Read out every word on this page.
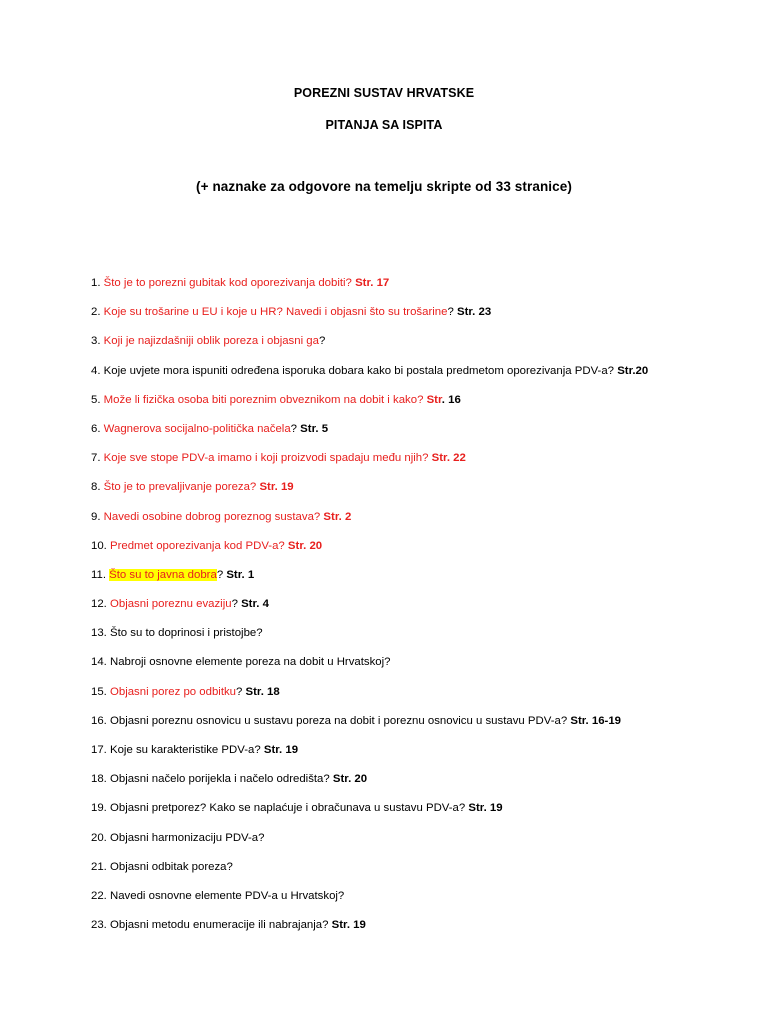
POREZNI SUSTAV HRVATSKE
PITANJA SA ISPITA
(+ naznake za odgovore na temelju skripte od 33 stranice)
1. Što je to porezni gubitak kod oporezivanja dobiti? Str. 17
2. Koje su trošarine u EU i koje u HR? Navedi i objasni što su trošarine? Str. 23
3. Koji je najizdašniji oblik poreza i objasni ga?
4. Koje uvjete mora ispuniti određena isporuka dobara kako bi postala predmetom oporezivanja PDV-a? Str.20
5. Može li fizička osoba biti poreznim obveznikom na dobit i kako? Str. 16
6. Wagnerova socijalno-politička načela? Str. 5
7. Koje sve stope PDV-a imamo i koji proizvodi spadaju među njih? Str. 22
8. Što je to prevaljivanje poreza? Str. 19
9. Navedi osobine dobrog poreznog sustava? Str. 2
10. Predmet oporezivanja kod PDV-a? Str. 20
11. Što su to javna dobra? Str. 1
12. Objasni poreznu evaziju? Str. 4
13. Što su to doprinosi i pristojbe?
14. Nabroji osnovne elemente poreza na dobit u Hrvatskoj?
15. Objasni porez po odbitku? Str. 18
16. Objasni poreznu osnovicu u sustavu poreza na dobit i poreznu osnovicu u sustavu PDV-a? Str. 16-19
17. Koje su karakteristike PDV-a? Str. 19
18. Objasni načelo porijekla i načelo odredišta? Str. 20
19. Objasni pretporez? Kako se naplaćuje i obračunava u sustavu PDV-a? Str. 19
20. Objasni harmonizaciju PDV-a?
21. Objasni odbitak poreza?
22. Navedi osnovne elemente PDV-a u Hrvatskoj?
23. Objasni metodu enumeracije ili nabrajanja? Str. 19
